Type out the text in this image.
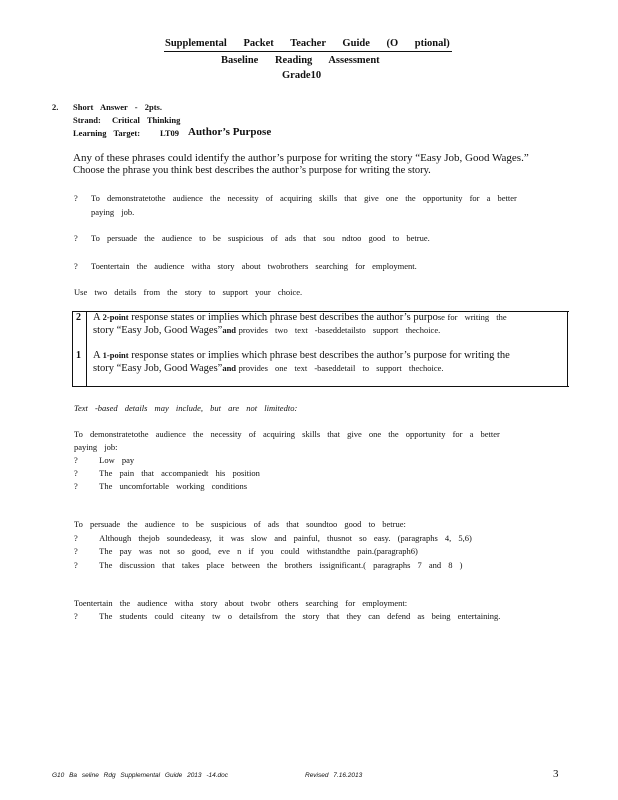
Supplemental Packet Teacher Guide (O ptional)
Baseline Reading Assessment
Grade10
2. Short Answer - 2pts.
Strand: Critical Thinking
Learning Target: LT09 Author’s Purpose
Any of these phrases could identify the author’s purpose for writing the story “Easy Job, Good Wages.”
Choose the phrase you think best describes the author’s purpose for writing the story.
? To demonstratetothe audience the necessity of acquiring skills that give one the opportunity for a better
paying job.
? To persuade the audience to be suspicious of ads that sou ndtoo good to betrue.
? Toentertain the audience witha story about twobrothers searching for employment.
Use two details from the story to support your choice.
2 A 2-point response states or implies which phrase best describes the author’s purpose for writing the
story “Easy Job, Good Wages”and provides two text -baseddetailsto support thechoice.
1 A 1-point response states or implies which phrase best describes the author’s purpose for writing the
story “Easy Job, Good Wages”and provides one text -baseddetail to support thechoice.
Text -based details may include, but are not limitedto:
To demonstratetothe audience the necessity of acquiring skills that give one the opportunity for a better
paying job:
?   Low pay
?   The pain that accompaniedt his position
?   The uncomfortable working conditions
To persuade the audience to be suspicious of ads that soundtoo good to betrue:
?   Although thejob soundedeasy, it was slow and painful, thusnot so easy. (paragraphs 4, 5,6)
?   The pay was not so good, eve n if you could withstandthe pain.(paragraph6)
?   The discussion that takes place between the brothers issignificant.( paragraphs 7 and 8 )
Toentertain the audience witha story about twobr others searching for employment:
?   The students could citeany tw o detailsfrom the story that they can defend as being entertaining.
G10 Ba seline Rdg Supplemental Guide 2013 -14.doc	Revised 7.16.2013	3
